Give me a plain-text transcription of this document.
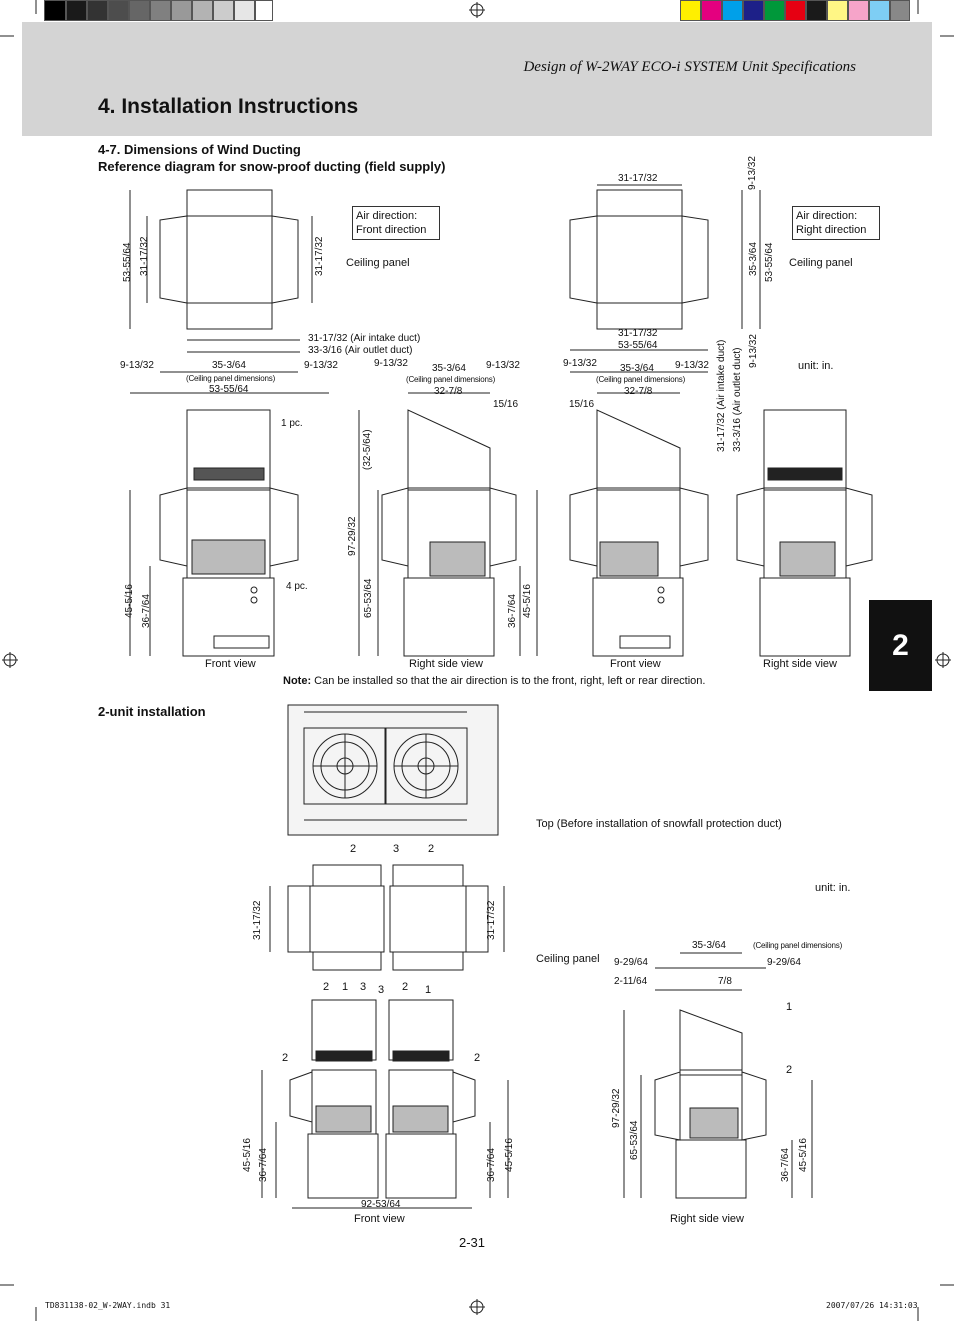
Design of W-2WAY ECO-i SYSTEM Unit Specifications
4. Installation Instructions
4-7. Dimensions of Wind Ducting
Reference diagram for snow-proof ducting (field supply)
Air direction:
Front direction
Air direction:
Right direction
Ceiling panel	Ceiling panel
unit: in.
53-55/64 31-17/32	31-17/32
31-17/32 (Air intake duct)
33-3/16 (Air outlet duct)
9-13/32	35-3/64	9-13/32
(Ceiling panel dimensions)
53-55/64
9-13/32 35-3/64 9-13/32
(Ceiling panel dimensions)
32-7/8
15/16
31-17/32	9-13/32
35-3/64 53-55/64
9-13/32
31-17/32
53-55/64
9-13/32 35-3/64 9-13/32
(Ceiling panel dimensions)
32-7/8
15/16	31-17/32 (Air intake duct) 33-3/16 (Air outlet duct)
1 pc.
4 pc.
45-5/16 36-7/64
(32-5/64)
97-29/32
65-53/64	36-7/64 45-5/16
Front view	Right side view	Front view	Right side view
Note: Can be installed so that the air direction is to the front, right, left or rear direction.
2-unit installation
Top (Before installation of snowfall protection duct)
unit: in.
Ceiling panel
2	3	2
2 1 3 3 2 1
2	2
1
2
31-17/32	31-17/32
45-5/16 36-7/64	36-7/64 45-5/16
92-53/64
Front view
35-3/64	(Ceiling panel dimensions)
9-29/64	9-29/64
2-11/64	7/8
97-29/32
65-53/64
36-7/64 45-5/16
Right side view
2
2-31
TD831138-02_W-2WAY.indb 31	2007/07/26 14:31:03
